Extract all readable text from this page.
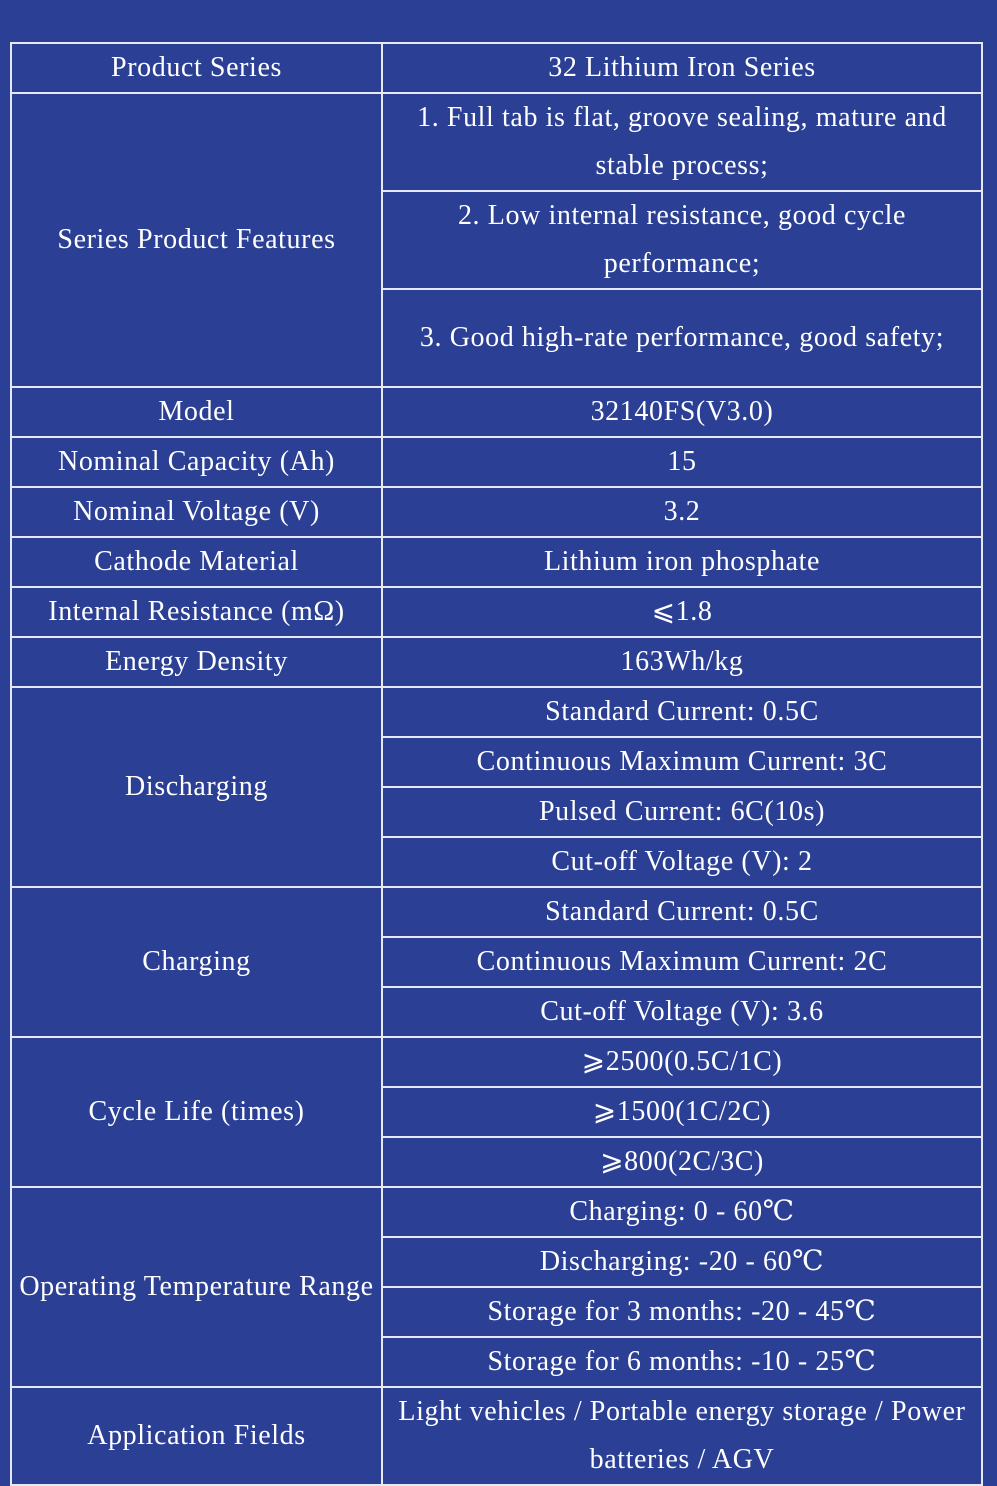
Product Series	32 Lithium Iron Series
Series Product Features	1. Full tab is flat, groove sealing, mature and stable process;
	2. Low internal resistance, good cycle performance;
	3. Good high-rate performance, good safety;
Model	32140FS(V3.0)
Nominal Capacity (Ah)	15
Nominal Voltage (V)	3.2
Cathode Material	Lithium iron phosphate
Internal Resistance (mΩ)	⩽1.8
Energy Density	163Wh/kg
Discharging	Standard Current: 0.5C
	Continuous Maximum Current: 3C
	Pulsed Current: 6C(10s)
	Cut-off Voltage (V): 2
Charging	Standard Current: 0.5C
	Continuous Maximum Current: 2C
	Cut-off Voltage (V): 3.6
Cycle Life (times)	⩾2500(0.5C/1C)
	⩾1500(1C/2C)
	⩾800(2C/3C)
Operating Temperature Range	Charging: 0 - 60℃
	Discharging: -20 - 60℃
	Storage for 3 months: -20 - 45℃
	Storage for 6 months: -10 - 25℃
Application Fields	Light vehicles / Portable energy storage / Power batteries / AGV
